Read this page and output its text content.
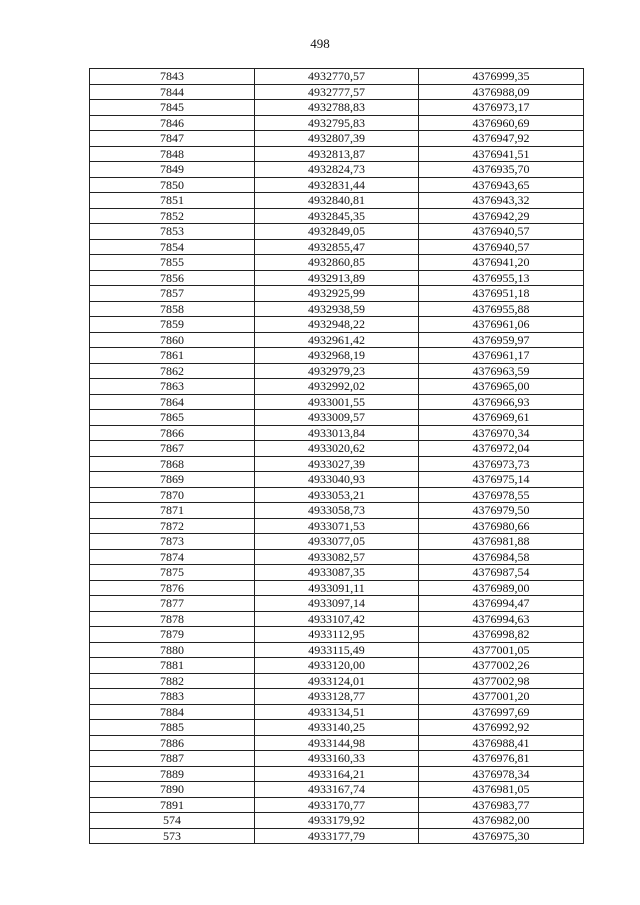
498
7843	4932770,57	4376999,35
7844	4932777,57	4376988,09
7845	4932788,83	4376973,17
7846	4932795,83	4376960,69
7847	4932807,39	4376947,92
7848	4932813,87	4376941,51
7849	4932824,73	4376935,70
7850	4932831,44	4376943,65
7851	4932840,81	4376943,32
7852	4932845,35	4376942,29
7853	4932849,05	4376940,57
7854	4932855,47	4376940,57
7855	4932860,85	4376941,20
7856	4932913,89	4376955,13
7857	4932925,99	4376951,18
7858	4932938,59	4376955,88
7859	4932948,22	4376961,06
7860	4932961,42	4376959,97
7861	4932968,19	4376961,17
7862	4932979,23	4376963,59
7863	4932992,02	4376965,00
7864	4933001,55	4376966,93
7865	4933009,57	4376969,61
7866	4933013,84	4376970,34
7867	4933020,62	4376972,04
7868	4933027,39	4376973,73
7869	4933040,93	4376975,14
7870	4933053,21	4376978,55
7871	4933058,73	4376979,50
7872	4933071,53	4376980,66
7873	4933077,05	4376981,88
7874	4933082,57	4376984,58
7875	4933087,35	4376987,54
7876	4933091,11	4376989,00
7877	4933097,14	4376994,47
7878	4933107,42	4376994,63
7879	4933112,95	4376998,82
7880	4933115,49	4377001,05
7881	4933120,00	4377002,26
7882	4933124,01	4377002,98
7883	4933128,77	4377001,20
7884	4933134,51	4376997,69
7885	4933140,25	4376992,92
7886	4933144,98	4376988,41
7887	4933160,33	4376976,81
7889	4933164,21	4376978,34
7890	4933167,74	4376981,05
7891	4933170,77	4376983,77
574	4933179,92	4376982,00
573	4933177,79	4376975,30
